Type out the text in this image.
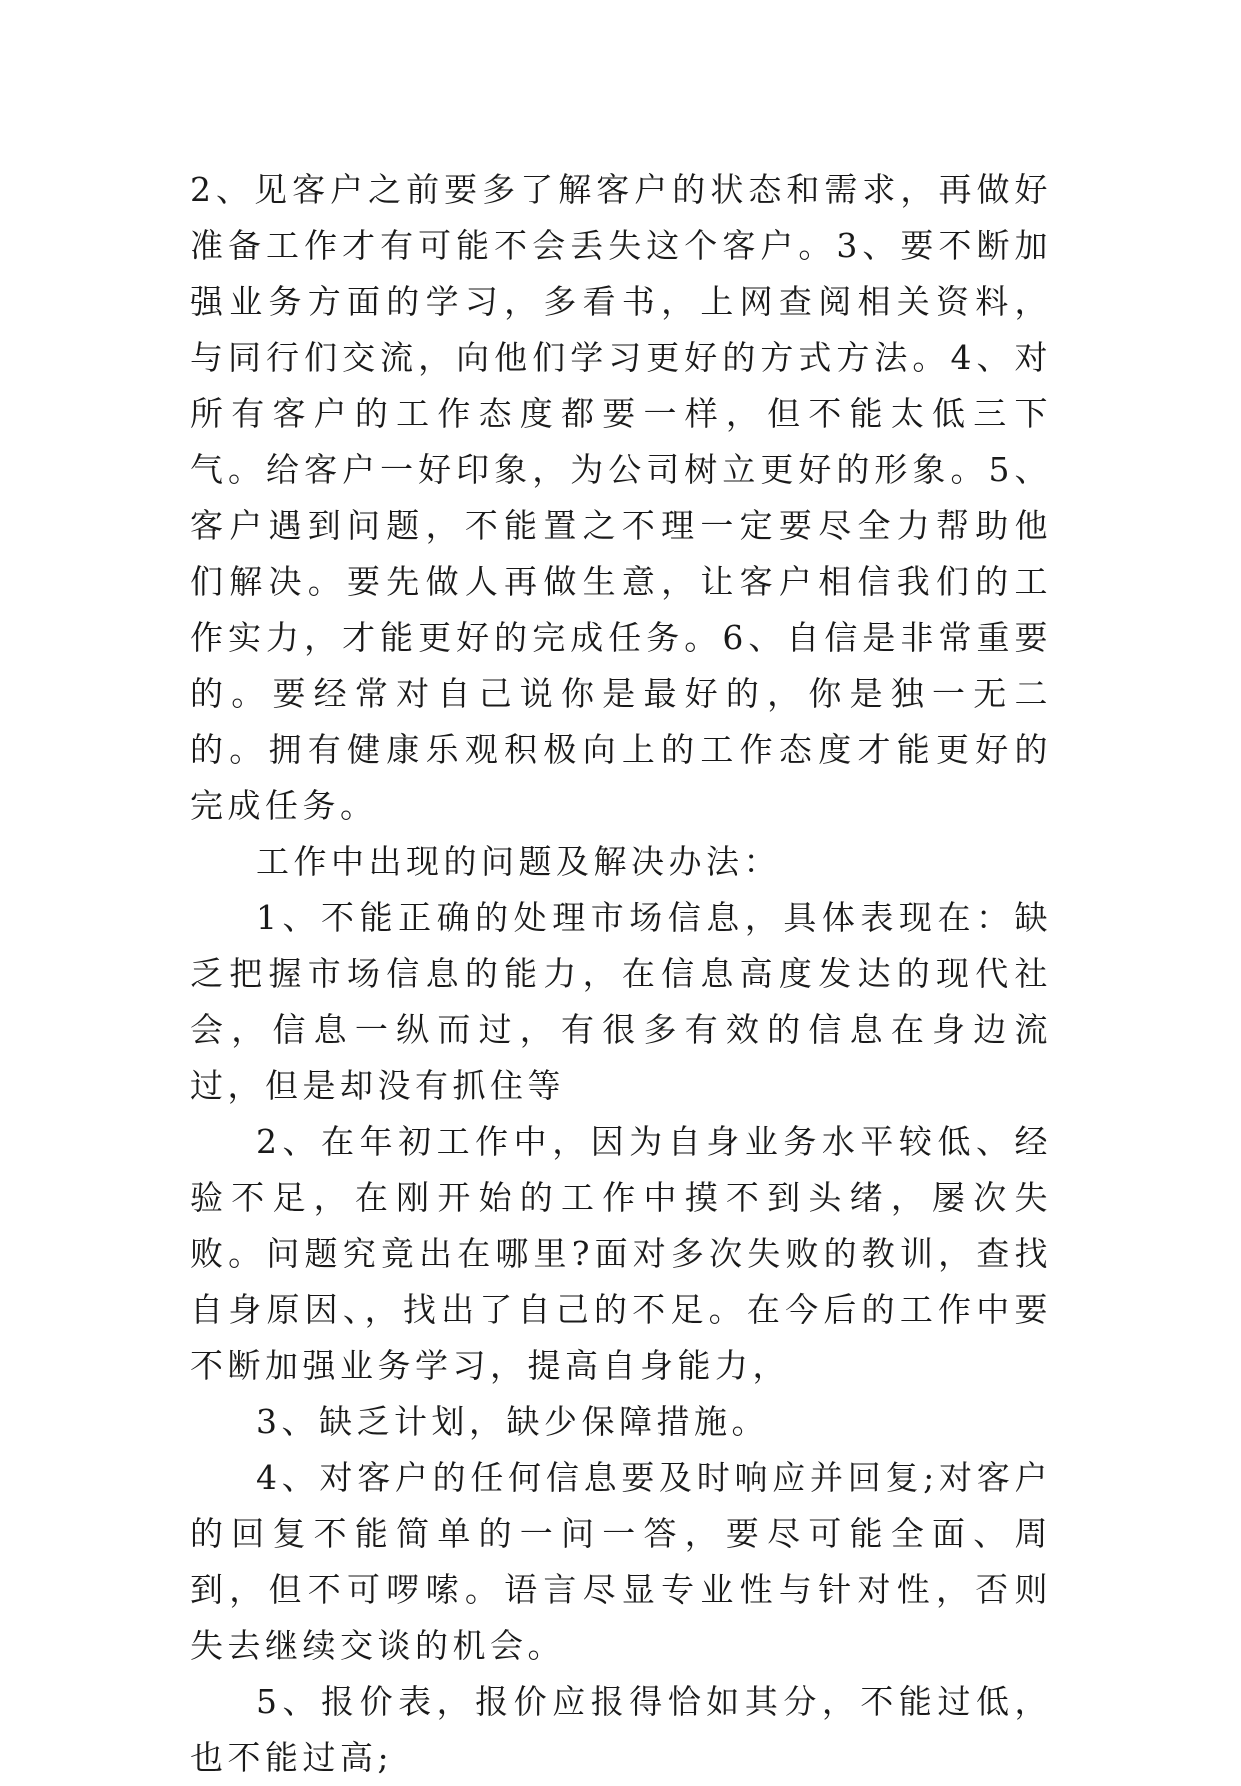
2、见客户之前要多了解客户的状态和需求，再做好准备工作才有可能不会丢失这个客户。3、要不断加强业务方面的学习，多看书，上网查阅相关资料，与同行们交流，向他们学习更好的方式方法。4、对所有客户的工作态度都要一样，但不能太低三下气。给客户一好印象，为公司树立更好的形象。5、客户遇到问题，不能置之不理一定要尽全力帮助他们解决。要先做人再做生意，让客户相信我们的工作实力，才能更好的完成任务。6、自信是非常重要的。要经常对自己说你是最好的，你是独一无二的。拥有健康乐观积极向上的工作态度才能更好的完成任务。

工作中出现的问题及解决办法：

1、不能正确的处理市场信息，具体表现在：缺乏把握市场信息的能力，在信息高度发达的现代社会，信息一纵而过，有很多有效的信息在身边流过，但是却没有抓住等

2、在年初工作中，因为自身业务水平较低、经验不足，在刚开始的工作中摸不到头绪，屡次失败。问题究竟出在哪里?面对多次失败的教训，查找自身原因、，找出了自己的不足。在今后的工作中要不断加强业务学习，提高自身能力，

3、缺乏计划，缺少保障措施。

4、对客户的任何信息要及时响应并回复;对客户的回复不能简单的一问一答，要尽可能全面、周到，但不可啰嗦。语言尽显专业性与针对性，否则失去继续交谈的机会。

5、报价表，报价应报得恰如其分，不能过低，也不能过高;
